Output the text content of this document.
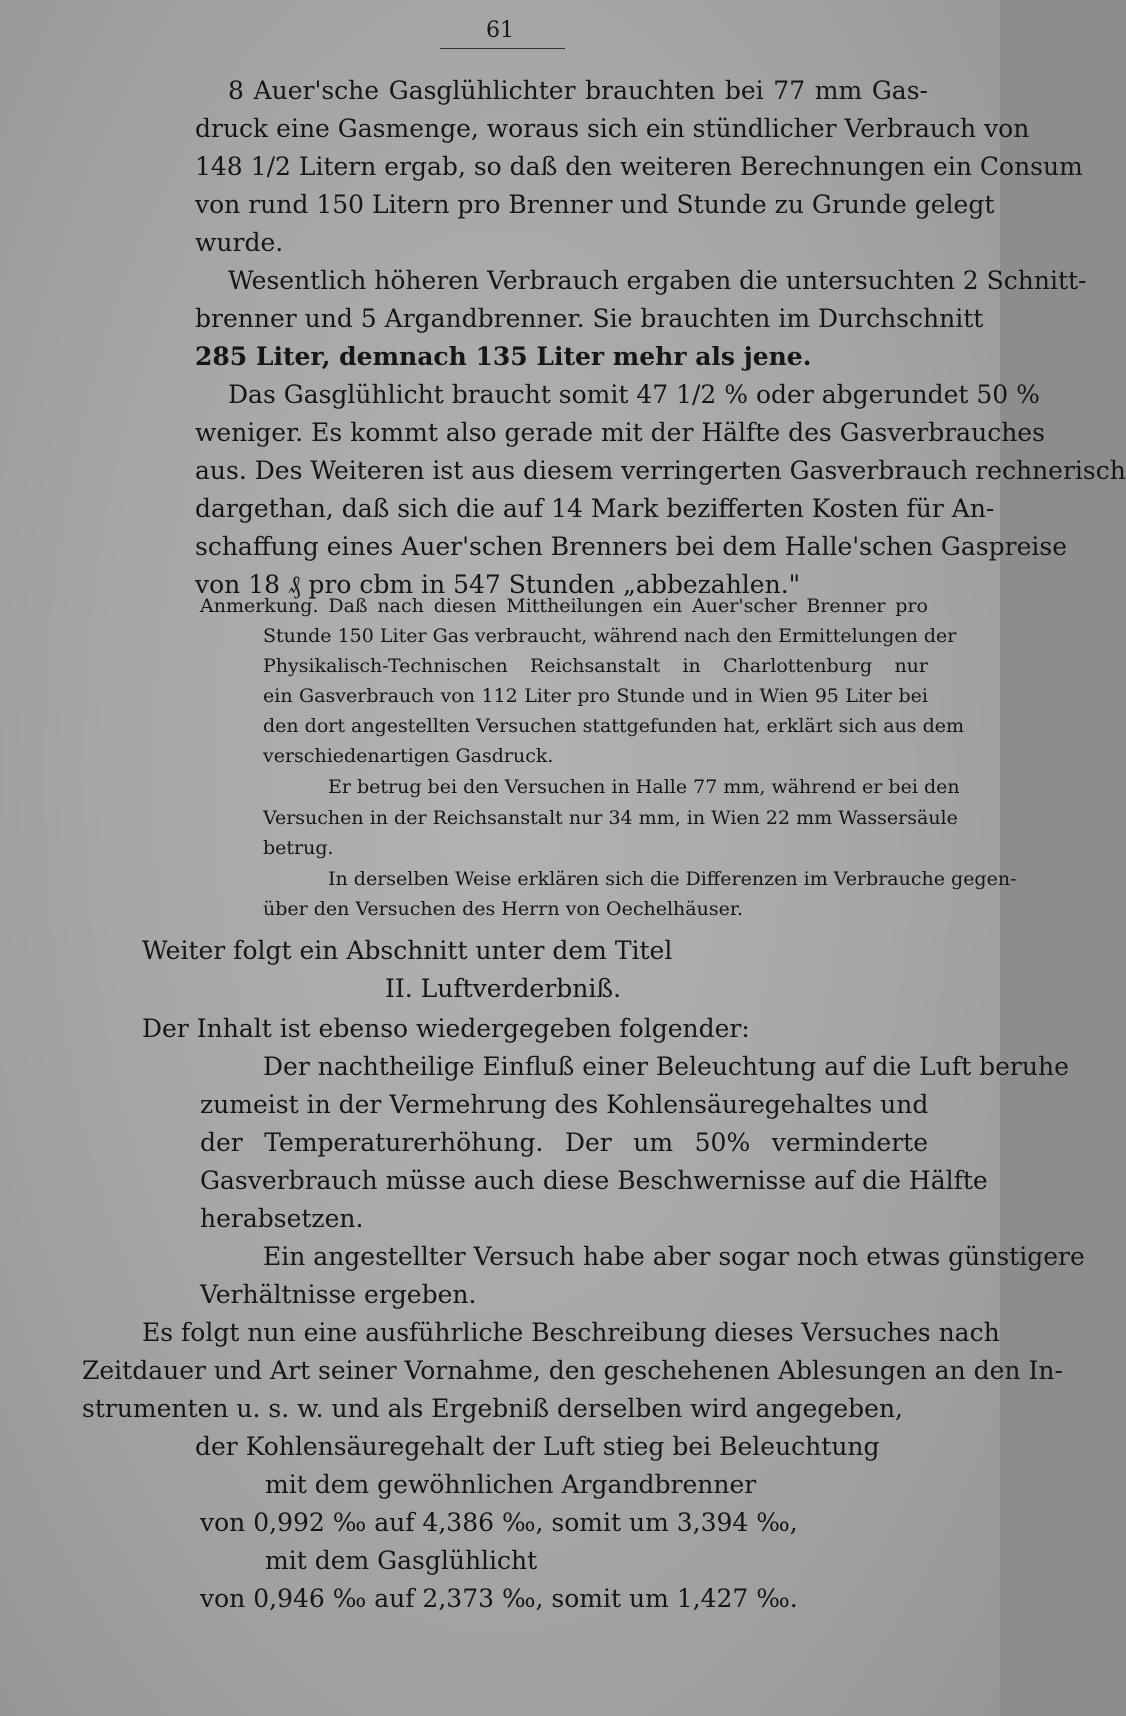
61
8 Auer'sche Gasglühlichter brauchten bei 77 mm Gas-
druck eine Gasmenge, woraus sich ein stündlicher Verbrauch von
148 1/2 Litern ergab, so daß den weiteren Berechnungen ein Consum
von rund 150 Litern pro Brenner und Stunde zu Grunde gelegt
wurde.
Wesentlich höheren Verbrauch ergaben die untersuchten 2 Schnitt-
brenner und 5 Argandbrenner. Sie brauchten im Durchschnitt
285 Liter, demnach 135 Liter mehr als jene.
Das Gasglühlicht braucht somit 47 1/2 % oder abgerundet 50 %
weniger. Es kommt also gerade mit der Hälfte des Gasverbrauches
aus. Des Weiteren ist aus diesem verringerten Gasverbrauch rechnerisch
dargethan, daß sich die auf 14 Mark bezifferten Kosten für An-
schaffung eines Auer'schen Brenners bei dem Halle'schen Gaspreise
von 18 ₰ pro cbm in 547 Stunden „abbezahlen."
Anmerkung. Daß nach diesen Mittheilungen ein Auer'scher Brenner pro
Stunde 150 Liter Gas verbraucht, während nach den Ermittelungen der
Physikalisch-Technischen Reichsanstalt in Charlottenburg nur
ein Gasverbrauch von 112 Liter pro Stunde und in Wien 95 Liter bei
den dort angestellten Versuchen stattgefunden hat, erklärt sich aus dem
verschiedenartigen Gasdruck.
Er betrug bei den Versuchen in Halle 77 mm, während er bei den
Versuchen in der Reichsanstalt nur 34 mm, in Wien 22 mm Wassersäule
betrug.
In derselben Weise erklären sich die Differenzen im Verbrauche gegen-
über den Versuchen des Herrn von Oechelhäuser.
Weiter folgt ein Abschnitt unter dem Titel
II. Luftverderbniß.
Der Inhalt ist ebenso wiedergegeben folgender:
Der nachtheilige Einfluß einer Beleuchtung auf die Luft beruhe
zumeist in der Vermehrung des Kohlensäuregehaltes und
der Temperaturerhöhung. Der um 50% verminderte
Gasverbrauch müsse auch diese Beschwernisse auf die Hälfte
herabsetzen.
Ein angestellter Versuch habe aber sogar noch etwas günstigere
Verhältnisse ergeben.
Es folgt nun eine ausführliche Beschreibung dieses Versuches nach
Zeitdauer und Art seiner Vornahme, den geschehenen Ablesungen an den In-
strumenten u. s. w. und als Ergebniß derselben wird angegeben,
der Kohlensäuregehalt der Luft stieg bei Beleuchtung
mit dem gewöhnlichen Argandbrenner
von 0,992 ‰ auf 4,386 ‰, somit um 3,394 ‰,
mit dem Gasglühlicht
von 0,946 ‰ auf 2,373 ‰, somit um 1,427 ‰.
